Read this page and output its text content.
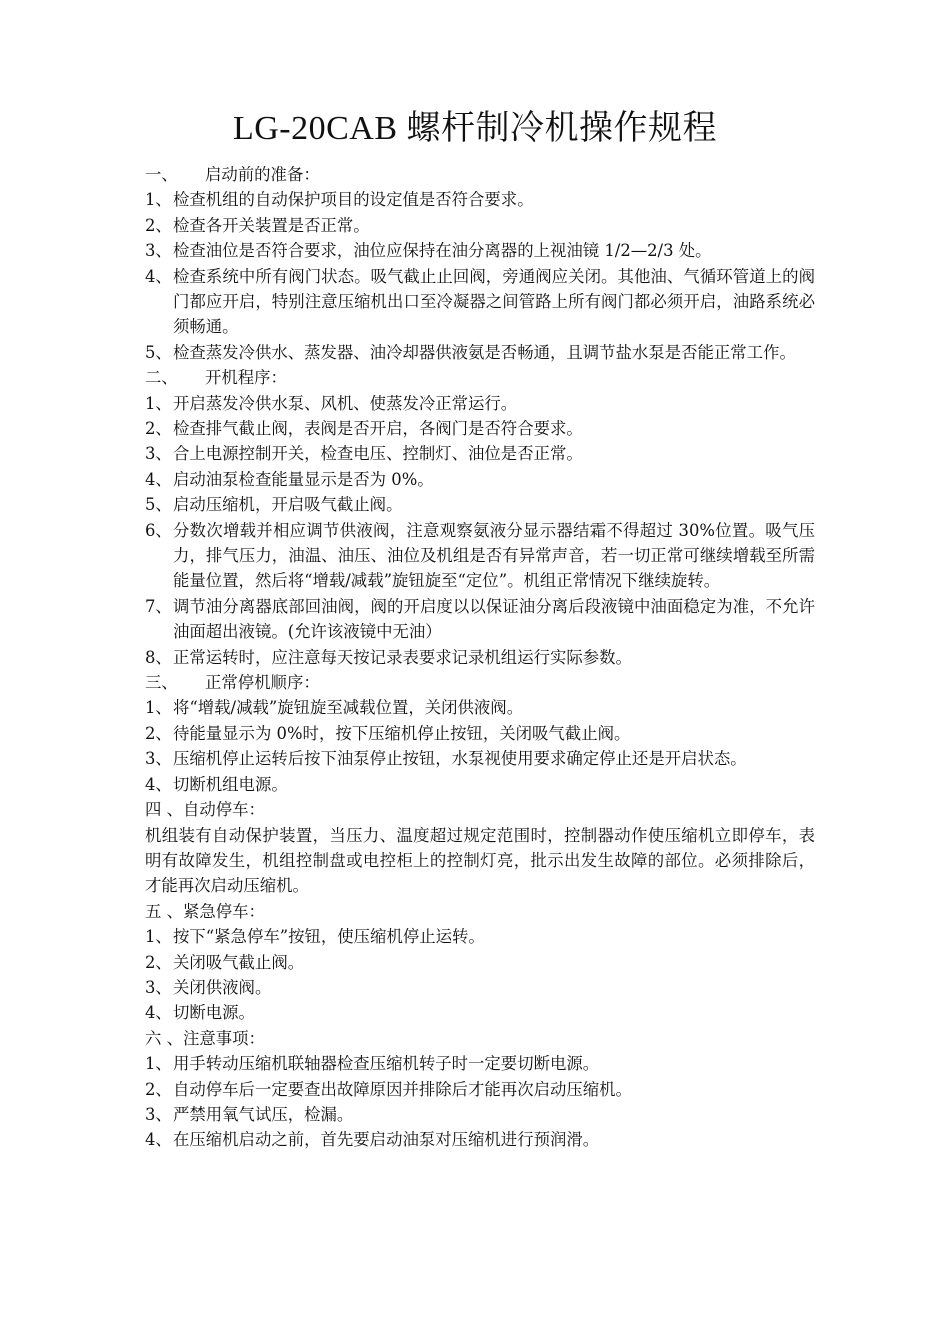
LG-20CAB 螺杆制冷机操作规程
一、 启动前的准备：
1、 检查机组的自动保护项目的设定值是否符合要求。
2、 检查各开关装置是否正常。
3、 检查油位是否符合要求，油位应保持在油分离器的上视油镜 1/2—2/3 处。
4、 检查系统中所有阀门状态。吸气截止止回阀，旁通阀应关闭。其他油、气循环管道上的阀门都应开启，特别注意压缩机出口至冷凝器之间管路上所有阀门都必须开启，油路系统必须畅通。
5、 检查蒸发冷供水、蒸发器、油冷却器供液氨是否畅通，且调节盐水泵是否能正常工作。
二、 开机程序：
1、 开启蒸发冷供水泵、风机、使蒸发冷正常运行。
2、 检查排气截止阀，表阀是否开启，各阀门是否符合要求。
3、 合上电源控制开关，检查电压、控制灯、油位是否正常。
4、 启动油泵检查能量显示是否为 0%。
5、 启动压缩机，开启吸气截止阀。
6、 分数次增载并相应调节供液阀，注意观察氨液分显示器结霜不得超过 30%位置。吸气压力，排气压力，油温、油压、油位及机组是否有异常声音，若一切正常可继续增载至所需能量位置，然后将“增载/减载”旋钮旋至“定位”。机组正常情况下继续旋转。
7、 调节油分离器底部回油阀，阀的开启度以以保证油分离后段液镜中油面稳定为准，不允许油面超出液镜。(允许该液镜中无油）
8、 正常运转时，应注意每天按记录表要求记录机组运行实际参数。
三、 正常停机顺序：
1、 将“增载/减载”旋钮旋至减载位置，关闭供液阀。
2、 待能量显示为 0%时，按下压缩机停止按钮，关闭吸气截止阀。
3、 压缩机停止运转后按下油泵停止按钮，水泵视使用要求确定停止还是开启状态。
4、 切断机组电源。
四 、自动停车：
机组装有自动保护装置，当压力、温度超过规定范围时，控制器动作使压缩机立即停车，表明有故障发生，机组控制盘或电控柜上的控制灯亮，批示出发生故障的部位。必须排除后，才能再次启动压缩机。
五 、紧急停车：
1、 按下“紧急停车”按钮，使压缩机停止运转。
2、 关闭吸气截止阀。
3、 关闭供液阀。
4、 切断电源。
六 、注意事项：
1、 用手转动压缩机联轴器检查压缩机转子时一定要切断电源。
2、 自动停车后一定要查出故障原因并排除后才能再次启动压缩机。
3、 严禁用氧气试压，检漏。
4、 在压缩机启动之前，首先要启动油泵对压缩机进行预润滑。
